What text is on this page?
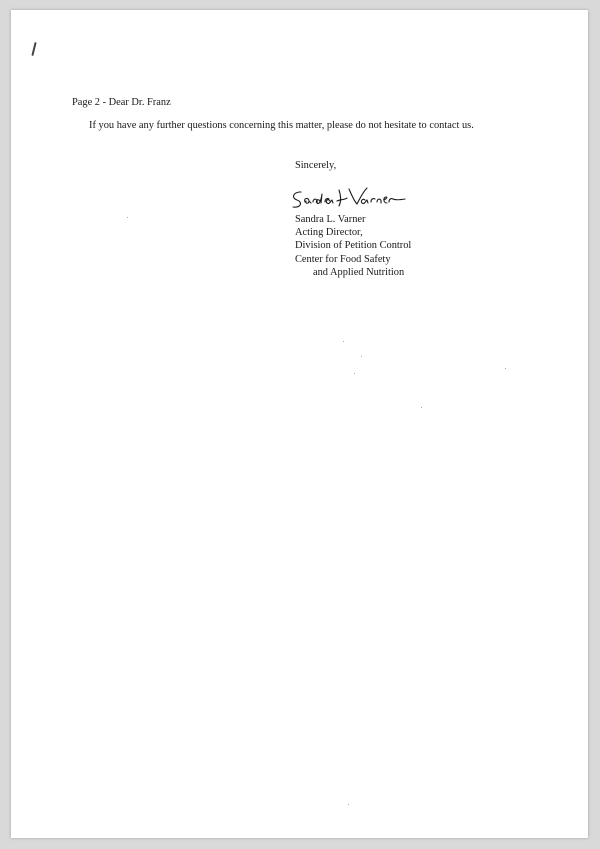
Page 2 - Dear Dr. Franz
If you have any further questions concerning this matter, please do not hesitate to contact us.
Sincerely,
Sandra L. Varner
Acting Director,
Division of Petition Control
Center for Food Safety
and Applied Nutrition
